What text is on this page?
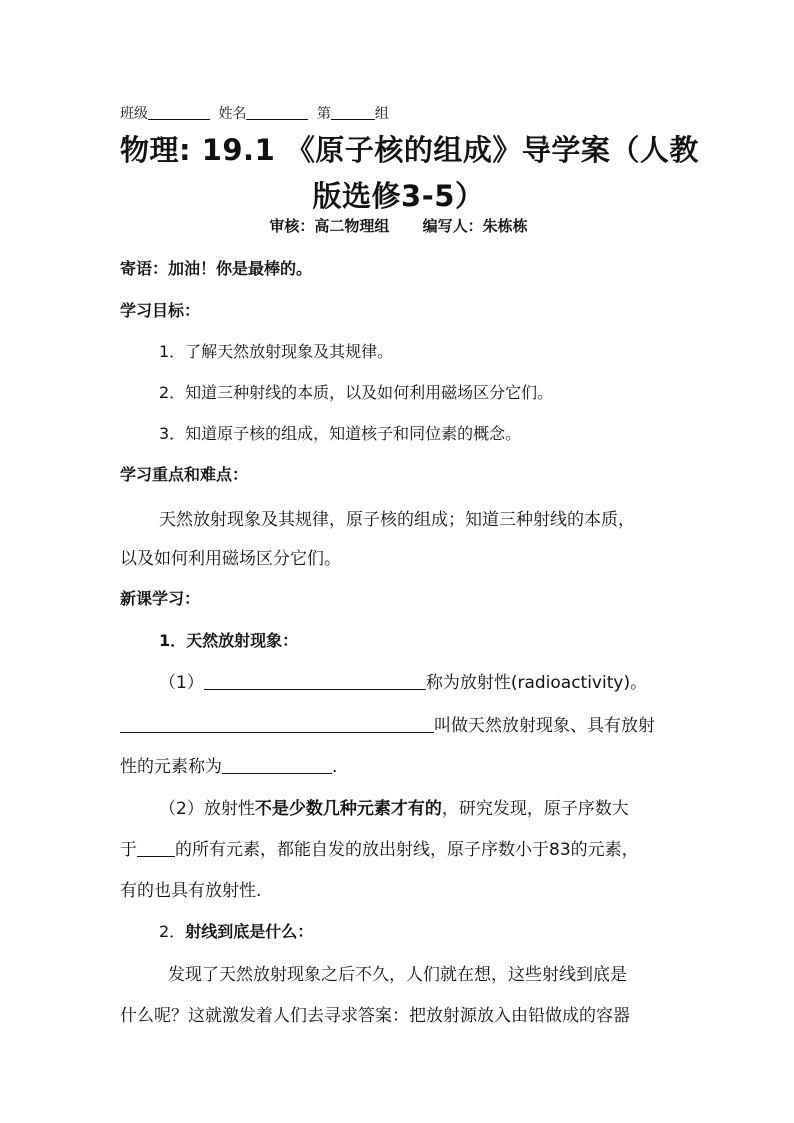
班级	姓名	第	组
物理: 19.1 《原子核的组成》导学案（人教
版选修3-5）
审核：高二物理组 编写人：朱栋栋
寄语：加油！你是最棒的。
学习目标：
1．了解天然放射现象及其规律。
2．知道三种射线的本质，以及如何利用磁场区分它们。
3．知道原子核的组成，知道核子和同位素的概念。
学习重点和难点：
天然放射现象及其规律，原子核的组成；知道三种射线的本质，
以及如何利用磁场区分它们。
新课学习：
1．天然放射现象：
（1）	称为放射性(radioactivity)。
叫做天然放射现象、具有放射
性的元素称为	.
（2）放射性不是少数几种元素才有的，研究发现，原子序数大
于 的所有元素，都能自发的放出射线，原子序数小于83的元素，
有的也具有放射性.
2．射线到底是什么：
发现了天然放射现象之后不久，人们就在想，这些射线到底是
什么呢？这就激发着人们去寻求答案：把放射源放入由铅做成的容器
